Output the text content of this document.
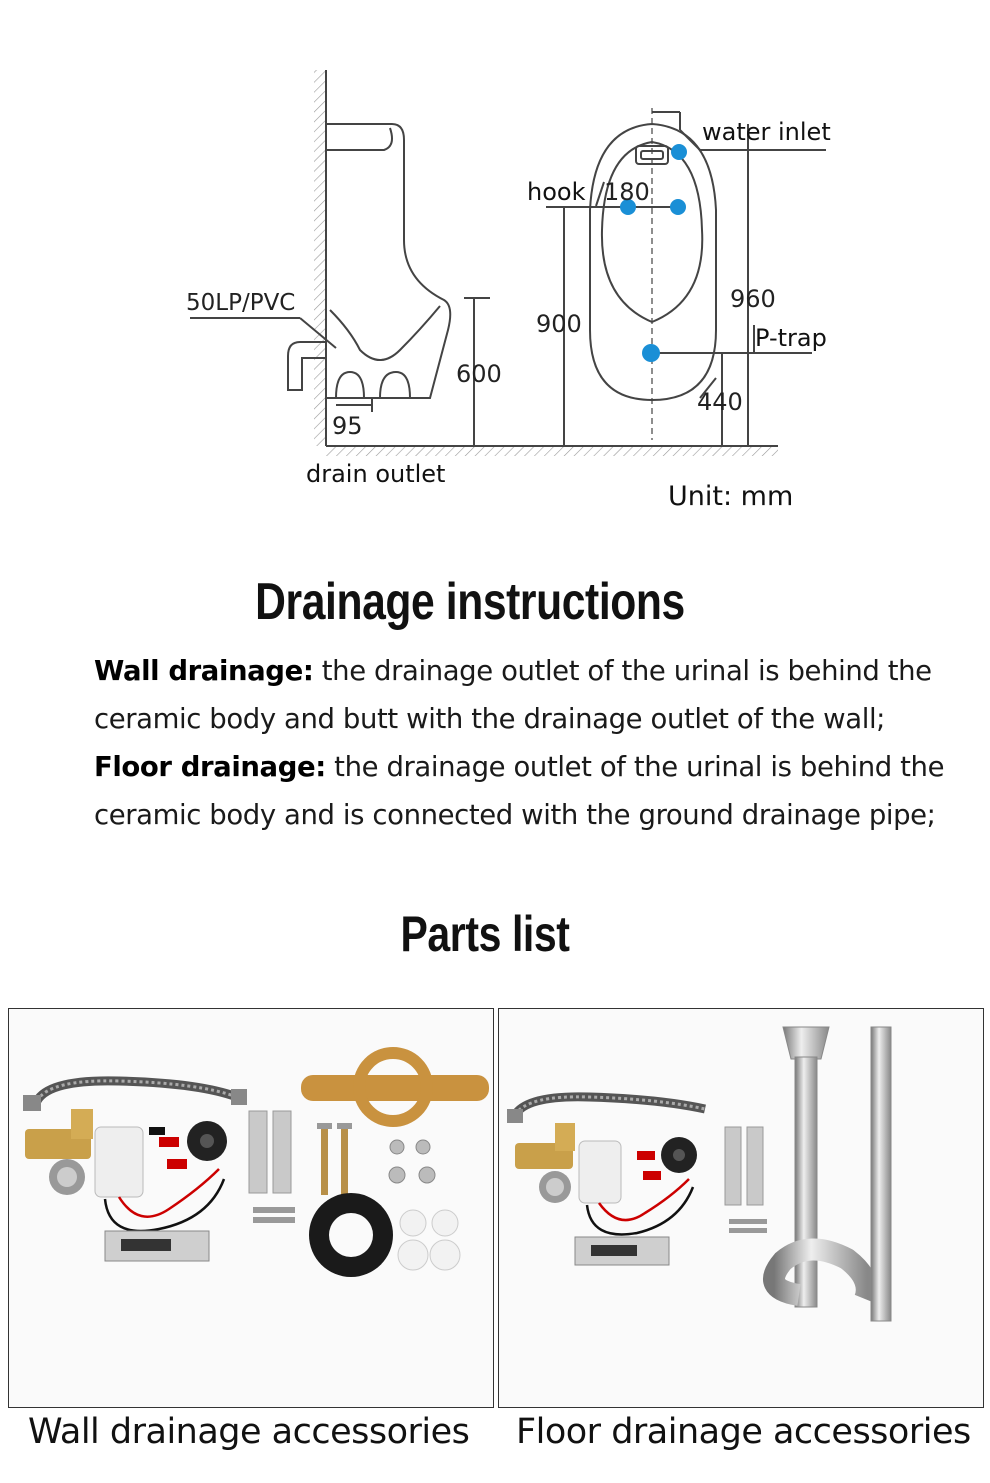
50LP/PVC
600
95
drain outlet
water inlet
hook 180
900
960
P-trap
440
Unit: mm
Drainage instructions
Wall drainage: the drainage outlet of the urinal is behind the ceramic body and butt with the drainage outlet of the wall;
Floor drainage: the drainage outlet of the urinal is behind the ceramic body and is connected with the ground drainage pipe;
Parts list
Wall drainage accessories Floor drainage accessories
